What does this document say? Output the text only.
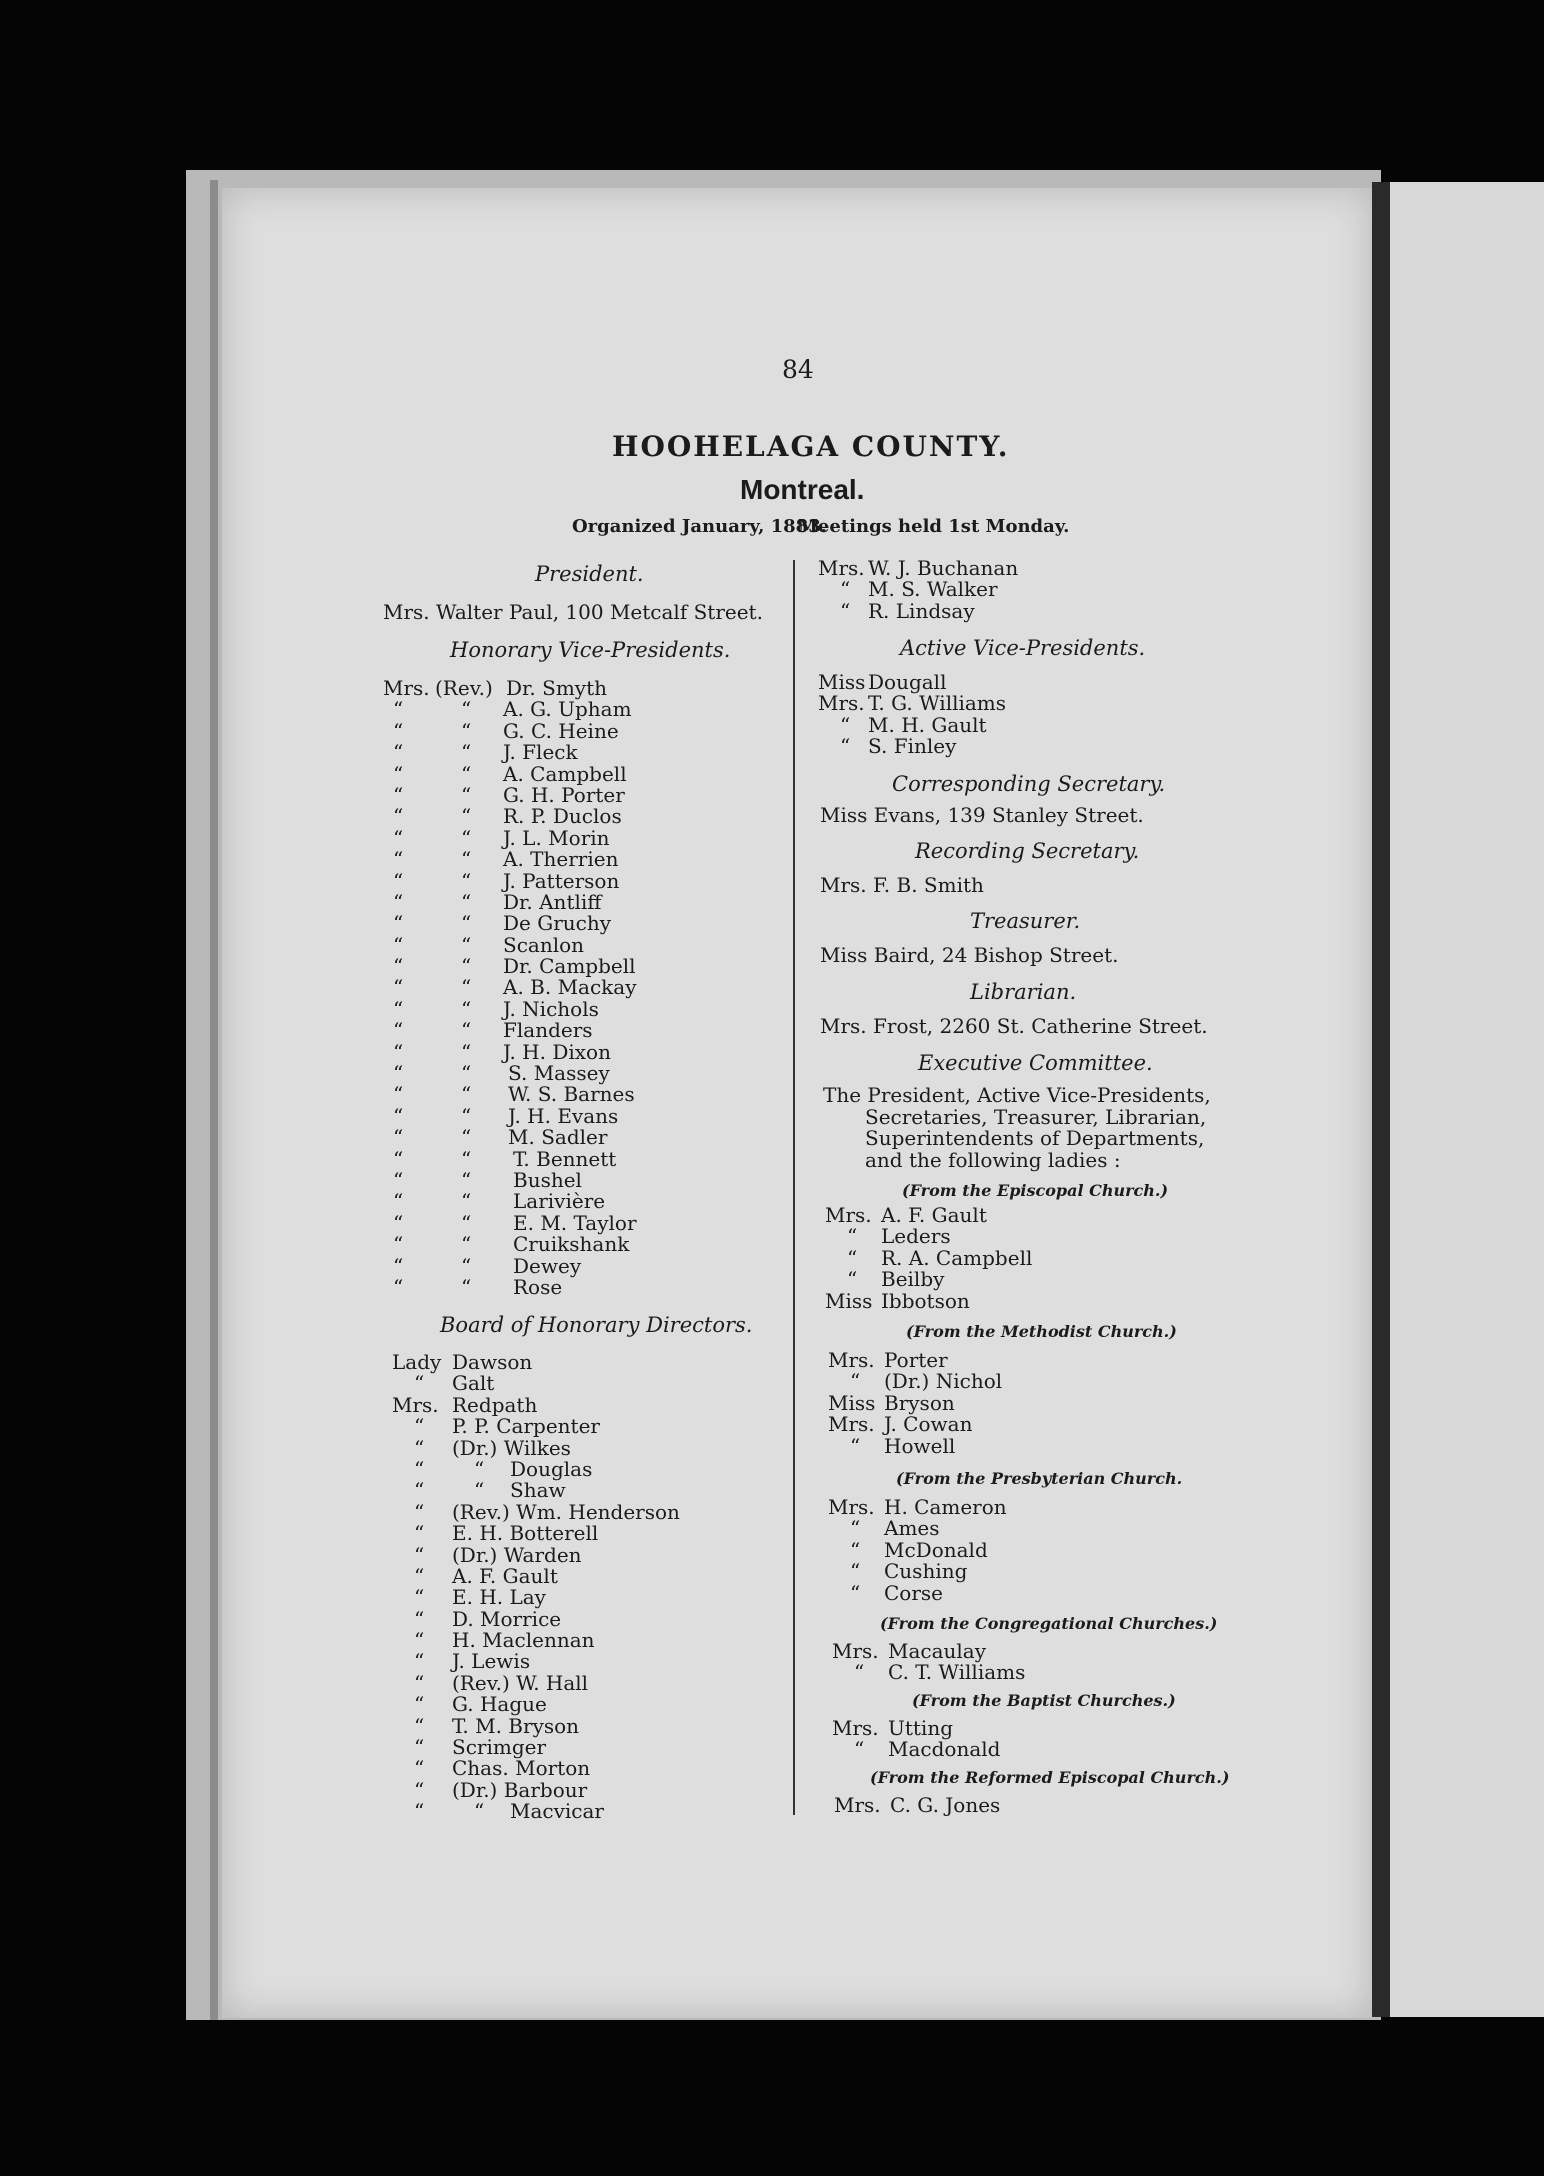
84
HOOHELAGA COUNTY.
Montreal.
Organized January, 1883.
Meetings held 1st Monday.
President.
Mrs. Walter Paul, 100 Metcalf Street.
Honorary Vice-Presidents.
Mrs. (Rev.) Dr. Smyth
“	“ A. G. Upham
“	“ G. C. Heine
“	“ J. Fleck
“	“ A. Campbell
“	“ G. H. Porter
“	“ R. P. Duclos
“	“ J. L. Morin
“	“ A. Therrien
“	“ J. Patterson
“	“ Dr. Antliff
“	“ De Gruchy
“	“ Scanlon
“	“ Dr. Campbell
“	“ A. B. Mackay
“	“ J. Nichols
“	“ Flanders
“	“ J. H. Dixon
“	“ S. Massey
“	“ W. S. Barnes
“	“ J. H. Evans
“	“ M. Sadler
“	“ T. Bennett
“	“ Bushel
“	“ Larivière
“	“ E. M. Taylor
“	“ Cruikshank
“	“ Dewey
“	“ Rose
Board of Honorary Directors.
Lady Dawson
“ Galt
Mrs. Redpath
“ P. P. Carpenter
“ (Dr.) Wilkes
“ “ Douglas
“ “ Shaw
“ (Rev.) Wm. Henderson
“ E. H. Botterell
“ (Dr.) Warden
“ A. F. Gault
“ E. H. Lay
“ D. Morrice
“ H. Maclennan
“ J. Lewis
“ (Rev.) W. Hall
“ G. Hague
“ T. M. Bryson
“ Scrimger
“ Chas. Morton
“ (Dr.) Barbour
“ “ Macvicar
Mrs. W. J. Buchanan
“ M. S. Walker
“ R. Lindsay
Active Vice-Presidents.
Miss Dougall
Mrs. T. G. Williams
“ M. H. Gault
“ S. Finley
Corresponding Secretary.
Miss Evans, 139 Stanley Street.
Recording Secretary.
Mrs. F. B. Smith
Treasurer.
Miss Baird, 24 Bishop Street.
Librarian.
Mrs. Frost, 2260 St. Catherine Street.
Executive Committee.
The President, Active Vice-Presidents,
Secretaries, Treasurer, Librarian,
Superintendents of Departments,
and the following ladies :
(From the Episcopal Church.)
Mrs. A. F. Gault
“ Leders
“ R. A. Campbell
“ Beilby
Miss Ibbotson
(From the Methodist Church.)
Mrs. Porter
“ (Dr.) Nichol
Miss Bryson
Mrs. J. Cowan
“ Howell
(From the Presbyterian Church.
Mrs. H. Cameron
“ Ames
“ McDonald
“ Cushing
“ Corse
(From the Congregational Churches.)
Mrs. Macaulay
“ C. T. Williams
(From the Baptist Churches.)
Mrs. Utting
“ Macdonald
(From the Reformed Episcopal Church.)
Mrs. C. G. Jones
